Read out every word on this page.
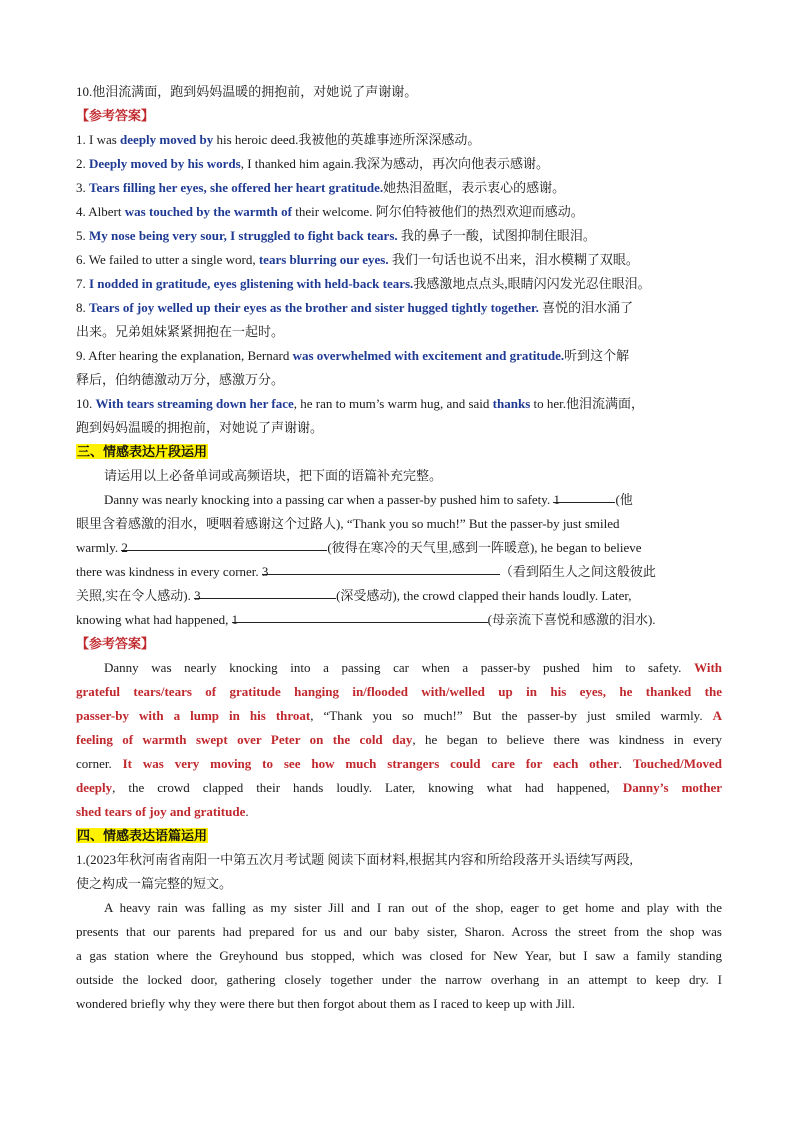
10.他泪流满面，跑到妈妈温暖的拥抱前，对她说了声谢谢。
【参考答案】
1. I was deeply moved by his heroic deed.我被他的英雄事迹所深深感动。
2. Deeply moved by his words, I thanked him again.我深为感动，再次向他表示感谢。
3. Tears filling her eyes, she offered her heart gratitude.她热泪盈眶，表示衷心的感谢。
4. Albert was touched by the warmth of their welcome. 阿尔伯特被他们的热烈欢迎而感动。
5. My nose being very sour, I struggled to fight back tears. 我的鼻子一酸，试图抑制住眼泪。
6. We failed to utter a single word, tears blurring our eyes. 我们一句话也说不出来，泪水模糊了双眼。
7. I nodded in gratitude, eyes glistening with held-back tears.我感激地点点头,眼睛闪闪发光忍住眼泪。
8. Tears of joy welled up their eyes as the brother and sister hugged tightly together. 喜悦的泪水涌了
出来。兄弟姐妹紧紧拥抱在一起时。
9. After hearing the explanation, Bernard was overwhelmed with excitement and gratitude.听到这个解
释后，伯纳德激动万分，感激万分。
10. With tears streaming down her face, he ran to mum’s warm hug, and said thanks to her.他泪流满面，
跑到妈妈温暖的拥抱前，对她说了声谢谢。
三、情感表达片段运用
请运用以上必备单词或高频语块，把下面的语篇补充完整。
Danny was nearly knocking into a passing car when a passer-by pushed him to safety. 1	(他
眼里含着感激的泪水，哽咽着感谢这个过路人), “Thank you so much!” But the passer-by just smiled
warmly. 2	(彼得在寒冷的天气里,感到一阵暖意), he began to believe
there was kindness in every corner. 3	（看到陌生人之间这般彼此
关照,实在令人感动). 3	(深受感动), the crowd clapped their hands loudly. Later,
knowing what had happened, 1	(母亲流下喜悦和感激的泪水).
【参考答案】
Danny was nearly knocking into a passing car when a passer-by pushed him to safety. With
grateful tears/tears of gratitude hanging in/flooded with/welled up in his eyes, he thanked the
passer-by with a lump in his throat, “Thank you so much!” But the passer-by just smiled warmly. A
feeling of warmth swept over Peter on the cold day, he began to believe there was kindness in every
corner. It was very moving to see how much strangers could care for each other. Touched/Moved
deeply, the crowd clapped their hands loudly. Later, knowing what had happened, Danny’s mother
shed tears of joy and gratitude.
四、情感表达语篇运用
1.(2023年秋河南省南阳一中第五次月考试题 阅读下面材料,根据其内容和所给段落开头语续写两段,
使之构成一篇完整的短文。
A heavy rain was falling as my sister Jill and I ran out of the shop, eager to get home and play with the
presents that our parents had prepared for us and our baby sister, Sharon. Across the street from the shop was
a gas station where the Greyhound bus stopped, which was closed for New Year, but I saw a family standing
outside the locked door, gathering closely together under the narrow overhang in an attempt to keep dry. I
wondered briefly why they were there but then forgot about them as I raced to keep up with Jill.
